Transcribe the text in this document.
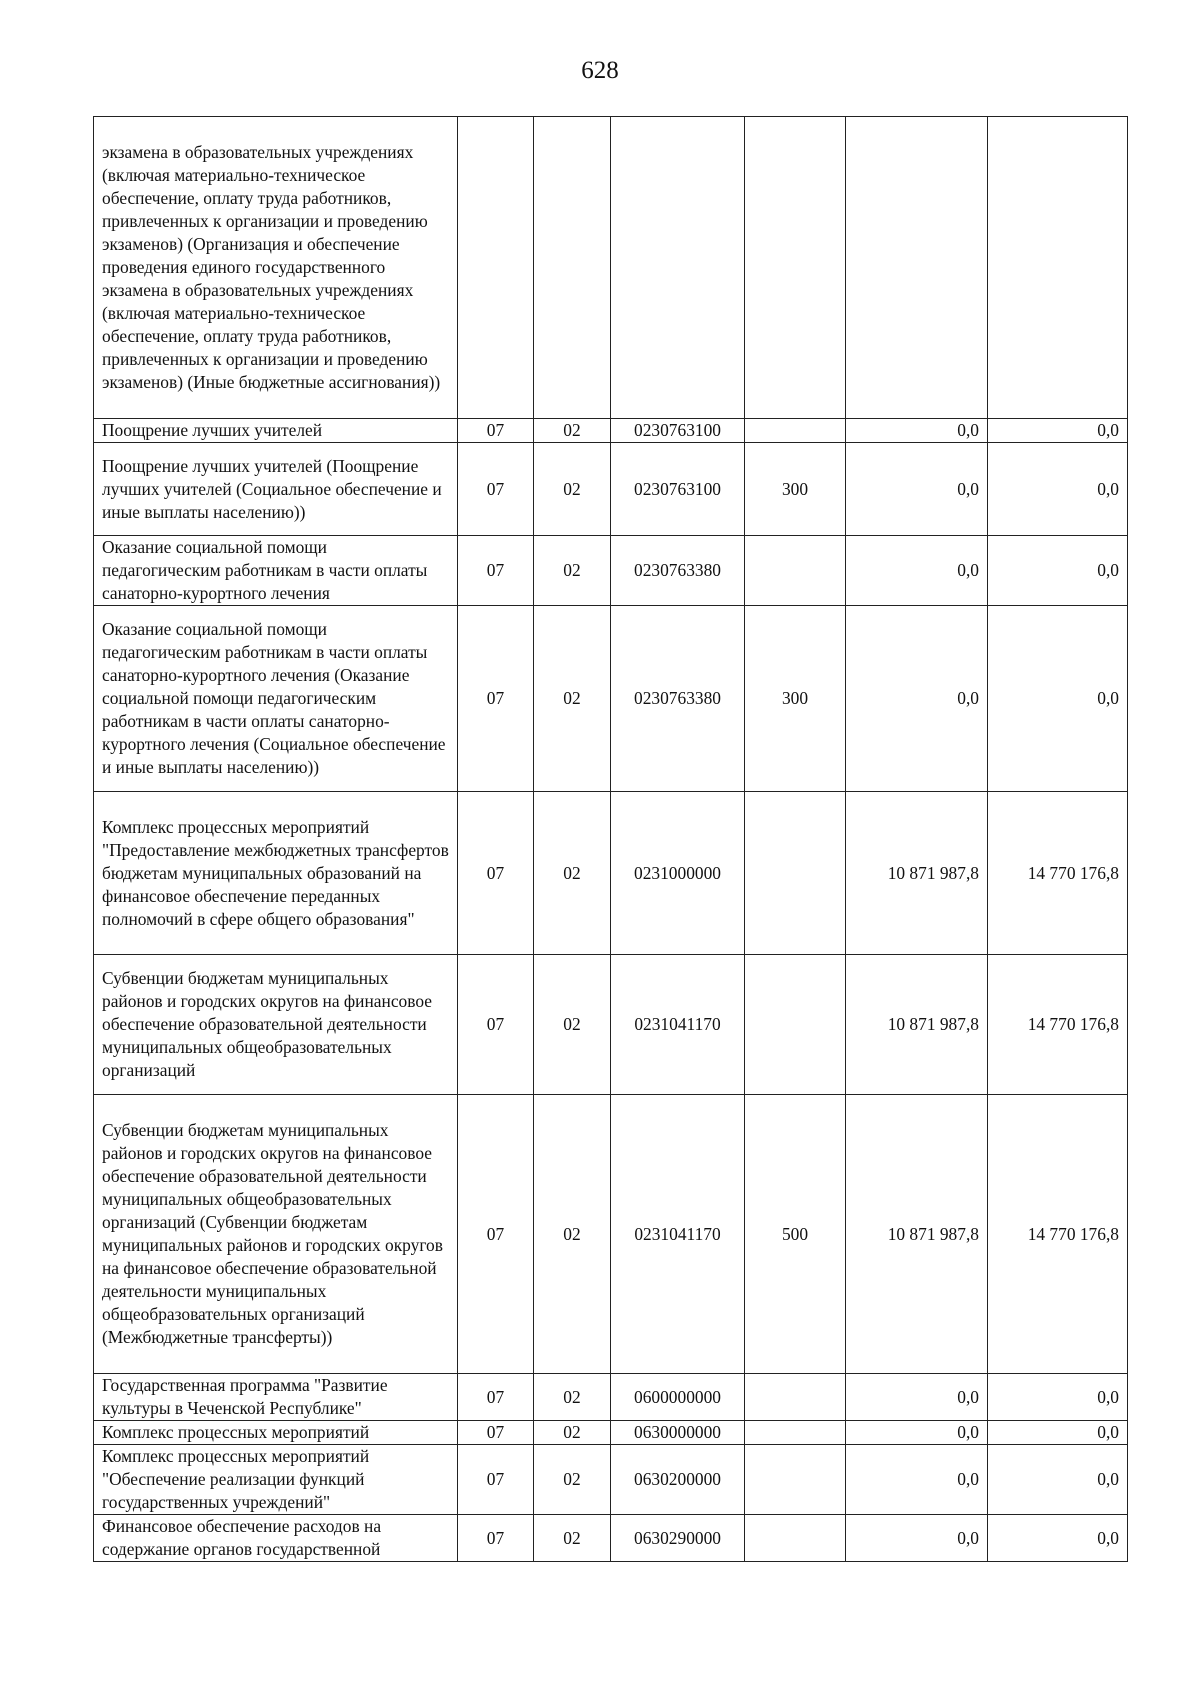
628
экзамена в образовательных учреждениях (включая материально-техническое обеспечение, оплату труда работников, привлеченных к организации и проведению экзаменов) (Организация и обеспечение проведения единого государственного экзамена в образовательных учреждениях (включая материально-техническое обеспечение, оплату труда работников, привлеченных к организации и проведению экзаменов) (Иные бюджетные ассигнования))						
Поощрение лучших учителей	07	02	0230763100		0,0	0,0
Поощрение лучших учителей (Поощрение лучших учителей (Социальное обеспечение и иные выплаты населению))	07	02	0230763100	300	0,0	0,0
Оказание социальной помощи педагогическим работникам в части оплаты санаторно-курортного лечения	07	02	0230763380		0,0	0,0
Оказание социальной помощи педагогическим работникам в части оплаты санаторно-курортного лечения (Оказание социальной помощи педагогическим работникам в части оплаты санаторно-курортного лечения (Социальное обеспечение и иные выплаты населению))	07	02	0230763380	300	0,0	0,0
Комплекс процессных мероприятий "Предоставление межбюджетных трансфертов бюджетам муниципальных образований на финансовое обеспечение переданных полномочий в сфере общего образования"	07	02	0231000000		10 871 987,8	14 770 176,8
Субвенции бюджетам муниципальных районов и городских округов на финансовое обеспечение образовательной деятельности муниципальных общеобразовательных организаций	07	02	0231041170		10 871 987,8	14 770 176,8
Субвенции бюджетам муниципальных районов и городских округов на финансовое обеспечение образовательной деятельности муниципальных общеобразовательных организаций (Субвенции бюджетам муниципальных районов и городских округов на финансовое обеспечение образовательной деятельности муниципальных общеобразовательных организаций (Межбюджетные трансферты))	07	02	0231041170	500	10 871 987,8	14 770 176,8
Государственная программа "Развитие культуры в Чеченской Республике"	07	02	0600000000		0,0	0,0
Комплекс процессных мероприятий	07	02	0630000000		0,0	0,0
Комплекс процессных мероприятий "Обеспечение реализации функций государственных учреждений"	07	02	0630200000		0,0	0,0
Финансовое обеспечение расходов на содержание органов государственной	07	02	0630290000		0,0	0,0
